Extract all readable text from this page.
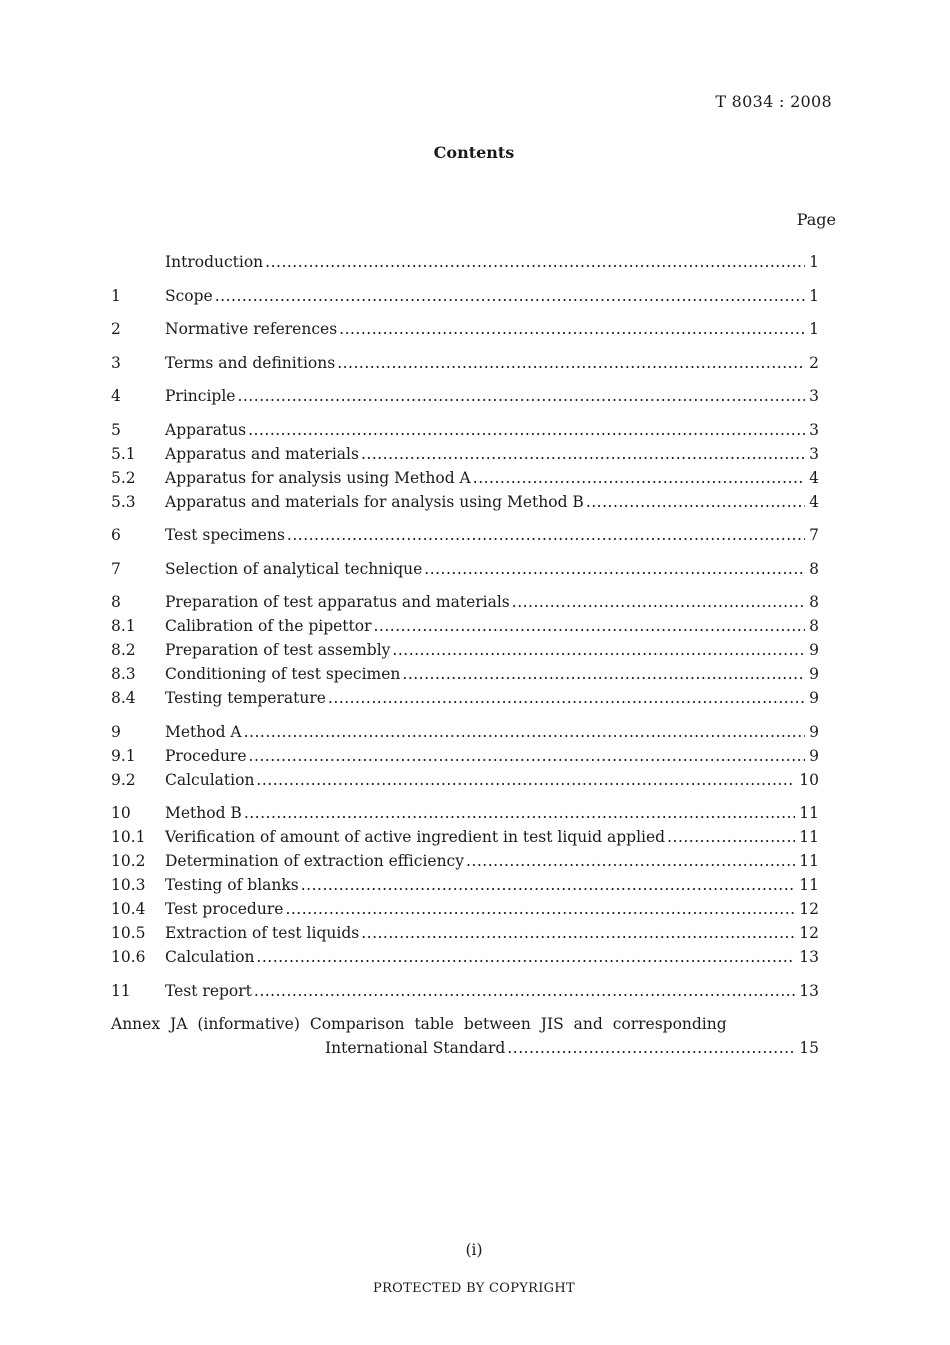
T 8034 : 2008
Contents
Page
Introduction .....	1
1	Scope .....	1
2	Normative references .....	1
3	Terms and definitions .....	2
4	Principle .....	3
5	Apparatus .....	3
5.1	Apparatus and materials .....	3
5.2	Apparatus for analysis using Method A .....	4
5.3	Apparatus and materials for analysis using Method B .....	4
6	Test specimens .....	7
7	Selection of analytical technique .....	8
8	Preparation of test apparatus and materials .....	8
8.1	Calibration of the pipettor .....	8
8.2	Preparation of test assembly .....	9
8.3	Conditioning of test specimen .....	9
8.4	Testing temperature .....	9
9	Method A .....	9
9.1	Procedure .....	9
9.2	Calculation .....	10
10	Method B .....	11
10.1	Verification of amount of active ingredient in test liquid applied .....	11
10.2	Determination of extraction efficiency .....	11
10.3	Testing of blanks .....	11
10.4	Test procedure .....	12
10.5	Extraction of test liquids .....	12
10.6	Calculation .....	13
11	Test report .....	13
Annex JA (informative) Comparison table between JIS and corresponding
International Standard .....	15
(i)
PROTECTED BY COPYRIGHT
